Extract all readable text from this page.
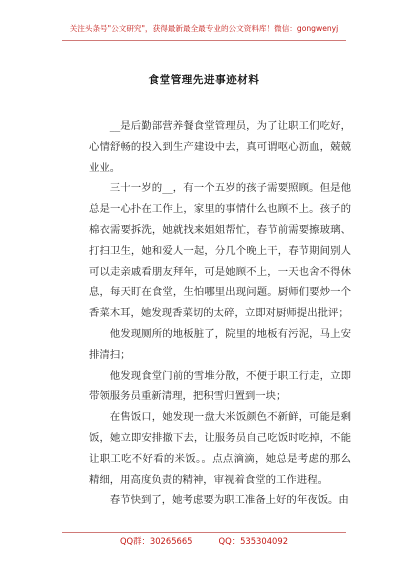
关注头条号"公文研究"，获得最新最全最专业的公文资料库！微信：gongwenyj
食堂管理先进事迹材料

__是后勤部营养餐食堂管理员，为了让职工们吃好，心情舒畅的投入到生产建设中去，真可谓呕心沥血，兢兢业业。

三十一岁的__，有一个五岁的孩子需要照顾。但是他总是一心扑在工作上，家里的事情什么也顾不上。孩子的棉衣需要拆洗，她就找来姐姐帮忙，春节前需要擦玻璃、打扫卫生，她和爱人一起，分几个晚上干，春节期间别人可以走亲戚看朋友拜年，可是她顾不上，一天也舍不得休息，每天盯在食堂，生怕哪里出现问题。厨师们要炒一个香菜木耳，她发现香菜切的太碎，立即对厨师提出批评；

他发现厕所的地板脏了，院里的地板有污泥，马上安排清扫；

他发现食堂门前的雪堆分散，不便于职工行走，立即带领服务员重新清理，把积雪归置到一块；

在售饭口，她发现一盘大米饭颜色不新鲜，可能是剩饭，她立即安排撤下去，让服务员自己吃饭时吃掉，不能让职工吃不好看的米饭。。点点滴滴，她总是考虑的那么精细，用高度负责的精神，审视着食堂的工作进程。

春节快到了，她考虑要为职工准备上好的年夜饭。由

QQ群：30265665	QQ：535304092
